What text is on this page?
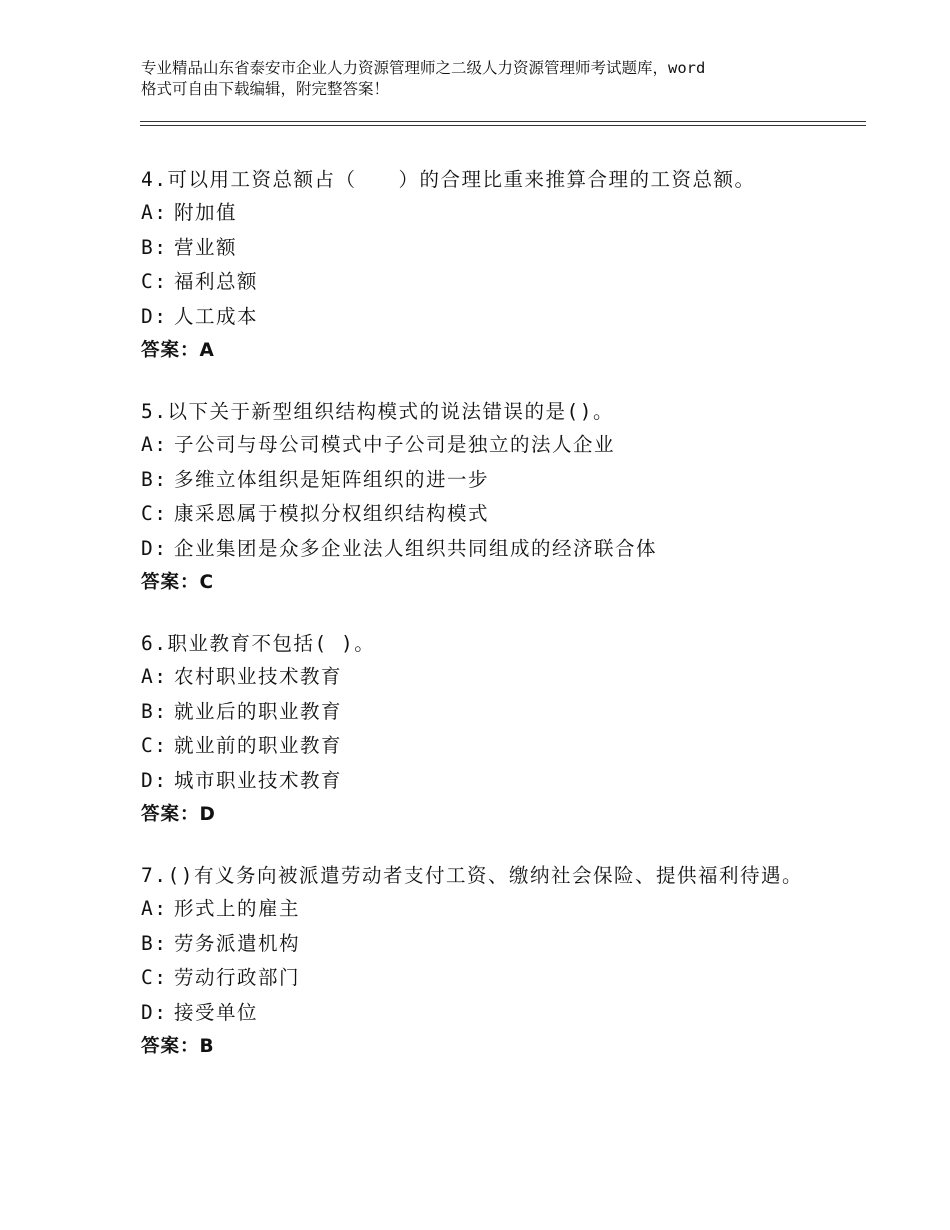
专业精品山东省泰安市企业人力资源管理师之二级人力资源管理师考试题库，word
格式可自由下载编辑，附完整答案！

4.可以用工资总额占（　　）的合理比重来推算合理的工资总额。

A: 附加值

B: 营业额

C: 福利总额

D: 人工成本

答案： A

5.以下关于新型组织结构模式的说法错误的是()。

A: 子公司与母公司模式中子公司是独立的法人企业

B: 多维立体组织是矩阵组织的进一步

C: 康采恩属于模拟分权组织结构模式

D: 企业集团是众多企业法人组织共同组成的经济联合体

答案： C

6.职业教育不包括( )。

A: 农村职业技术教育

B: 就业后的职业教育

C: 就业前的职业教育

D: 城市职业技术教育

答案： D

7.()有义务向被派遣劳动者支付工资、缴纳社会保险、提供福利待遇。

A: 形式上的雇主

B: 劳务派遣机构

C: 劳动行政部门

D: 接受单位

答案： B
